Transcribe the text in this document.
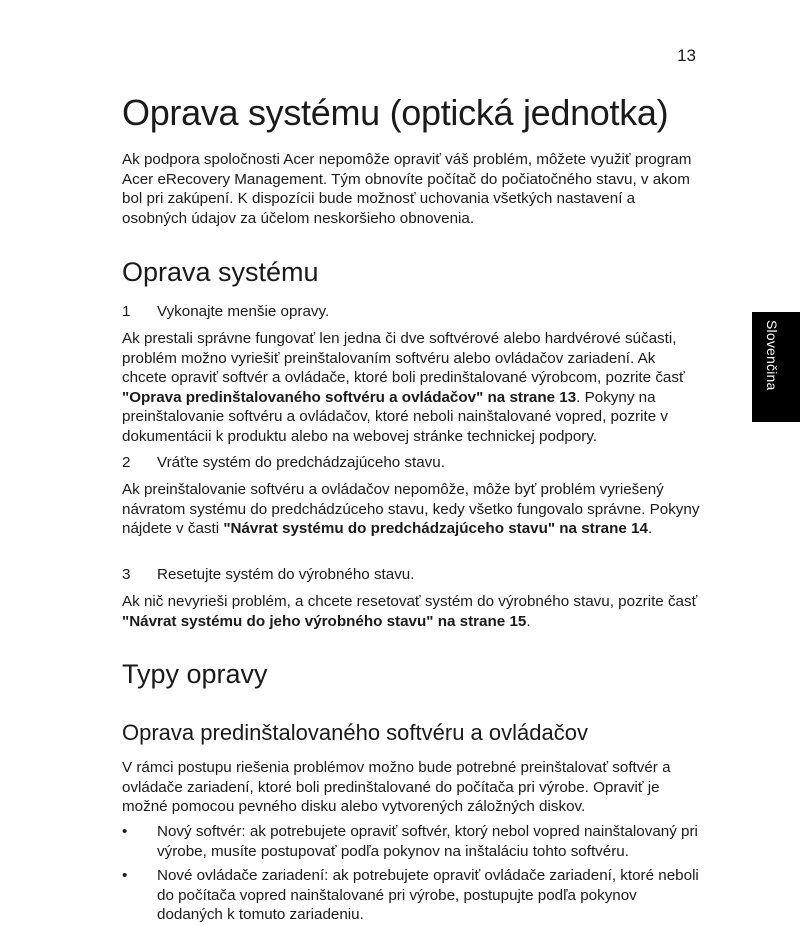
13
Slovenčina
Oprava systému (optická jednotka)

Ak podpora spoločnosti Acer nepomôže opraviť váš problém, môžete využiť program Acer eRecovery Management. Tým obnovíte počítač do počiatočného stavu, v akom bol pri zakúpení. K dispozícii bude možnosť uchovania všetkých nastavení a osobných údajov za účelom neskoršieho obnovenia.

Oprava systému
1 Vykonajte menšie opravy.

Ak prestali správne fungovať len jedna či dve softvérové alebo hardvérové súčasti, problém možno vyriešiť preinštalovaním softvéru alebo ovládačov zariadení. Ak chcete opraviť softvér a ovládače, ktoré boli predinštalované výrobcom, pozrite časť "Oprava predinštalovaného softvéru a ovládačov" na strane 13. Pokyny na preinštalovanie softvéru a ovládačov, ktoré neboli nainštalované vopred, pozrite v dokumentácii k produktu alebo na webovej stránke technickej podpory.

2 Vráťte systém do predchádzajúceho stavu.

Ak preinštalovanie softvéru a ovládačov nepomôže, môže byť problém vyriešený návratom systému do predchádzúceho stavu, kedy všetko fungovalo správne. Pokyny nájdete v časti "Návrat systému do predchádzajúceho stavu" na strane 14.

3 Resetujte systém do výrobného stavu.

Ak nič nevyrieši problém, a chcete resetovať systém do výrobného stavu, pozrite časť "Návrat systému do jeho výrobného stavu" na strane 15.

Typy opravy
Oprava predinštalovaného softvéru a ovládačov

V rámci postupu riešenia problémov možno bude potrebné preinštalovať softvér a ovládače zariadení, ktoré boli predinštalované do počítača pri výrobe. Opraviť je možné pomocou pevného disku alebo vytvorených záložných diskov.

• Nový softvér: ak potrebujete opraviť softvér, ktorý nebol vopred nainštalovaný pri výrobe, musíte postupovať podľa pokynov na inštaláciu tohto softvéru.
• Nové ovládače zariadení: ak potrebujete opraviť ovládače zariadení, ktoré neboli do počítača vopred nainštalované pri výrobe, postupujte podľa pokynov dodaných k tomuto zariadeniu.
